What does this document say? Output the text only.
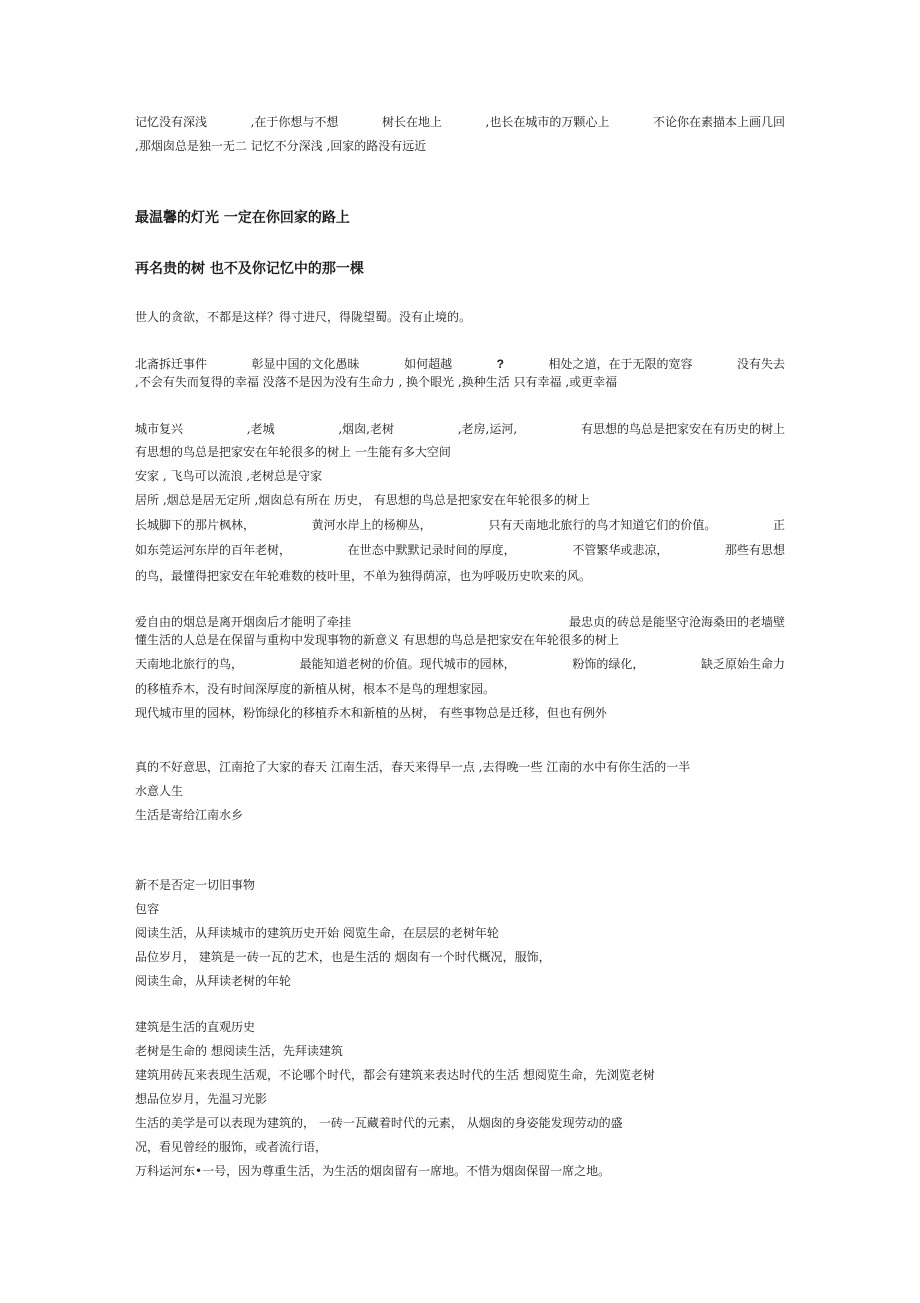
记忆没有深浅	,在于你想与不想	树长在地上	,也长在城市的万颗心上	不论你在素描本上画几回
,那烟囱总是独一无二 记忆不分深浅 ,回家的路没有远近
最温馨的灯光 一定在你回家的路上
再名贵的树 也不及你记忆中的那一棵
世人的贪欲，不都是这样？得寸进尺，得陇望蜀。没有止境的。
北斋拆迁事件	彰显中国的文化愚昧	如何超越	?	相处之道，在于无限的宽容	没有失去
,不会有失而复得的幸福 没落不是因为没有生命力 , 换个眼光 ,换种生活 只有幸福 ,或更幸福
城市复兴	,老城	,烟囱,老树	,老房,运河,	有思想的鸟总是把家安在有历史的树上
有思想的鸟总是把家安在年轮很多的树上 一生能有多大空间
安家 , 飞鸟可以流浪 ,老树总是守家
居所 ,烟总是居无定所 ,烟囱总有所在 历史， 有思想的鸟总是把家安在年轮很多的树上
长城脚下的那片枫林，	黄河水岸上的杨柳丛，	只有天南地北旅行的鸟才知道它们的价值。	正
如东莞运河东岸的百年老树，	在世态中默默记录时间的厚度，	不管繁华或悲凉，	那些有思想
的鸟，最懂得把家安在年轮难数的枝叶里，不单为独得荫凉，也为呼吸历史吹来的风。
爱自由的烟总是离开烟囱后才能明了牵挂	最忠贞的砖总是能坚守沧海桑田的老墙壁
懂生活的人总是在保留与重构中发现事物的新意义 有思想的鸟总是把家安在年轮很多的树上
天南地北旅行的鸟，	最能知道老树的价值。现代城市的园林，	粉饰的绿化，	缺乏原始生命力
的移植乔木，没有时间深厚度的新植从树，根本不是鸟的理想家园。
现代城市里的园林，粉饰绿化的移植乔木和新植的丛树， 有些事物总是迁移，但也有例外
真的不好意思，江南抢了大家的春天 江南生活，春天来得早一点 ,去得晚一些 江南的水中有你生活的一半
水意人生
生活是寄给江南水乡
新不是否定一切旧事物
包容
阅读生活，从拜读城市的建筑历史开始 阅览生命，在层层的老树年轮
品位岁月， 建筑是一砖一瓦的艺术，也是生活的 烟囱有一个时代概况，服饰，
阅读生命，从拜读老树的年轮
建筑是生活的直观历史
老树是生命的 想阅读生活，先拜读建筑
建筑用砖瓦来表现生活观，不论哪个时代，都会有建筑来表达时代的生活 想阅览生命，先浏览老树
想品位岁月，先温习光影
生活的美学是可以表现为建筑的， 一砖一瓦藏着时代的元素， 从烟囱的身姿能发现劳动的盛
况，看见曾经的服饰，或者流行语，
万科运河东•一号，因为尊重生活，为生活的烟囱留有一席地。不惜为烟囱保留一席之地。
